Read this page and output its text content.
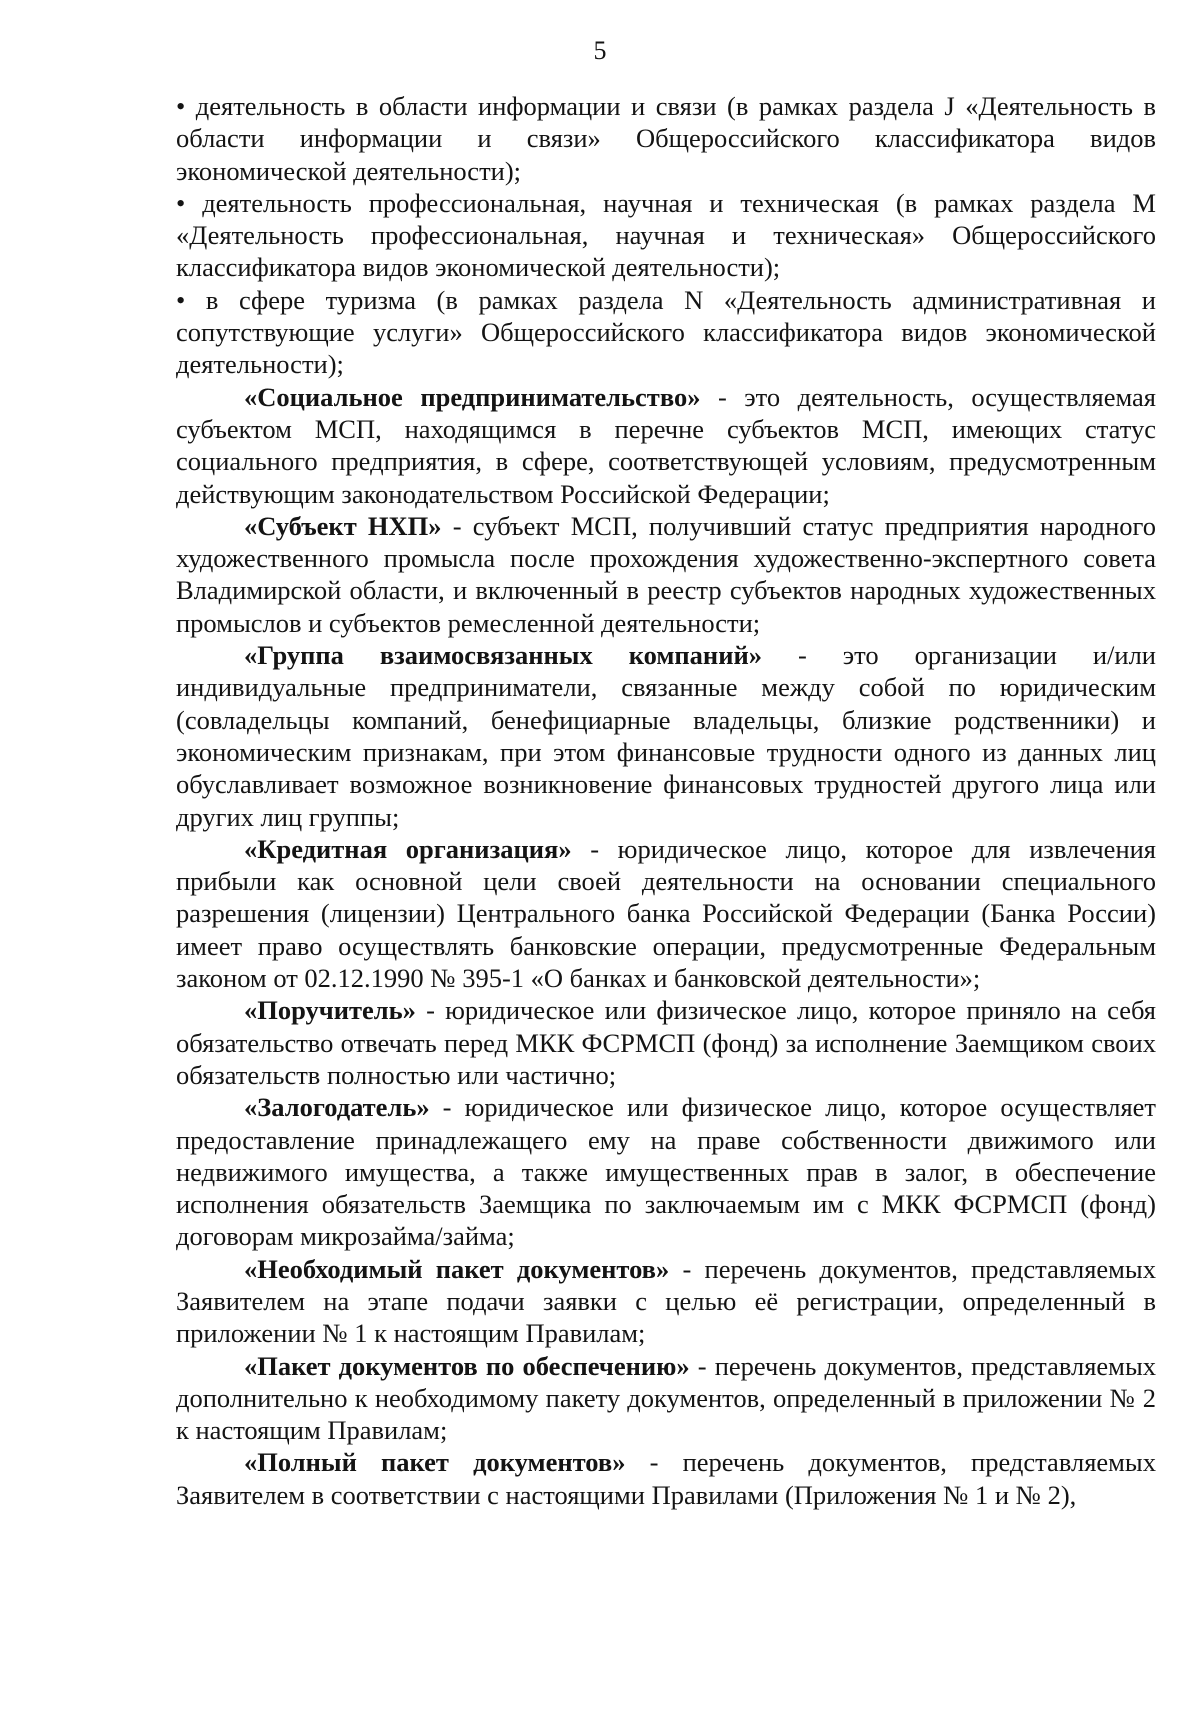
5

• деятельность в области информации и связи (в рамках раздела J «Деятельность в области информации и связи» Общероссийского классификатора видов экономической деятельности);

• деятельность профессиональная, научная и техническая (в рамках раздела M «Деятельность профессиональная, научная и техническая» Общероссийского классификатора видов экономической деятельности);

• в сфере туризма (в рамках раздела N «Деятельность административная и сопутствующие услуги» Общероссийского классификатора видов экономической деятельности);

«Социальное предпринимательство» - это деятельность, осуществляемая субъектом МСП, находящимся в перечне субъектов МСП, имеющих статус социального предприятия, в сфере, соответствующей условиям, предусмотренным действующим законодательством Российской Федерации;

«Субъект НХП» - субъект МСП, получивший статус предприятия народного художественного промысла после прохождения художественно-экспертного совета Владимирской области, и включенный в реестр субъектов народных художественных промыслов и субъектов ремесленной деятельности;

«Группа взаимосвязанных компаний» - это организации и/или индивидуальные предприниматели, связанные между собой по юридическим (совладельцы компаний, бенефициарные владельцы, близкие родственники) и экономическим признакам, при этом финансовые трудности одного из данных лиц обуславливает возможное возникновение финансовых трудностей другого лица или других лиц группы;

«Кредитная организация» - юридическое лицо, которое для извлечения прибыли как основной цели своей деятельности на основании специального разрешения (лицензии) Центрального банка Российской Федерации (Банка России) имеет право осуществлять банковские операции, предусмотренные Федеральным законом от 02.12.1990 № 395-1 «О банках и банковской деятельности»;

«Поручитель» - юридическое или физическое лицо, которое приняло на себя обязательство отвечать перед МКК ФСРМСП (фонд) за исполнение Заемщиком своих обязательств полностью или частично;

«Залогодатель» - юридическое или физическое лицо, которое осуществляет предоставление принадлежащего ему на праве собственности движимого или недвижимого имущества, а также имущественных прав в залог, в обеспечение исполнения обязательств Заемщика по заключаемым им с МКК ФСРМСП (фонд) договорам микрозайма/займа;

«Необходимый пакет документов» - перечень документов, представляемых Заявителем на этапе подачи заявки с целью её регистрации, определенный в приложении № 1 к настоящим Правилам;

«Пакет документов по обеспечению» - перечень документов, представляемых дополнительно к необходимому пакету документов, определенный в приложении № 2 к настоящим Правилам;

«Полный пакет документов» - перечень документов, представляемых Заявителем в соответствии с настоящими Правилами (Приложения № 1 и № 2),
